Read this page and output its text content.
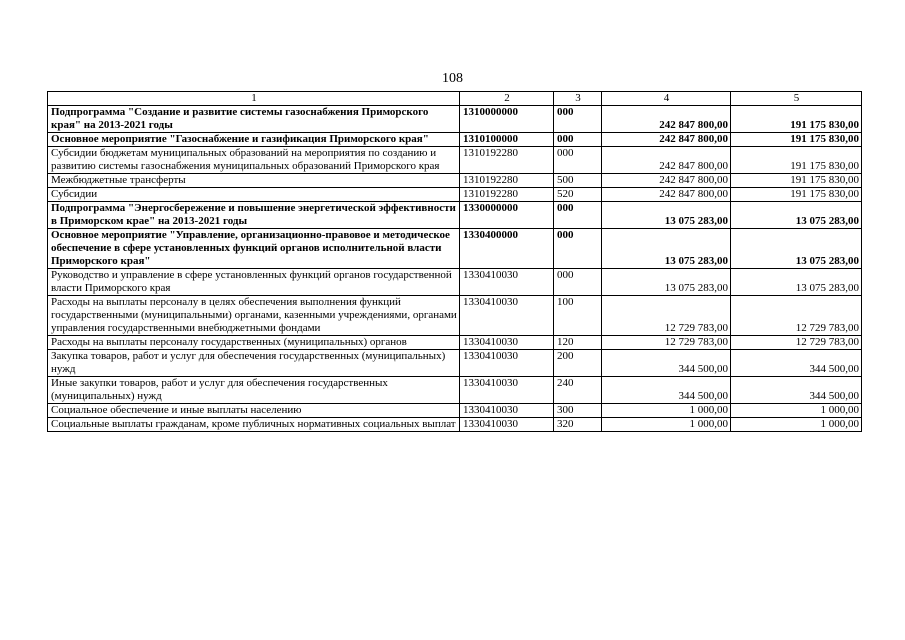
108
1	2	3	4	5
Подпрограмма "Создание и развитие системы газоснабжения Приморского края" на 2013-2021 годы	1310000000	000	242 847 800,00	191 175 830,00
Основное мероприятие "Газоснабжение и газификация Приморского края"	1310100000	000	242 847 800,00	191 175 830,00
Субсидии бюджетам муниципальных образований на мероприятия по созданию и развитию системы газоснабжения муниципальных образований Приморского края	1310192280	000	242 847 800,00	191 175 830,00
Межбюджетные трансферты	1310192280	500	242 847 800,00	191 175 830,00
Субсидии	1310192280	520	242 847 800,00	191 175 830,00
Подпрограмма "Энергосбережение и повышение энергетической эффективности в Приморском крае" на 2013-2021 годы	1330000000	000	13 075 283,00	13 075 283,00
Основное мероприятие "Управление, организационно-правовое и методическое обеспечение в сфере установленных функций органов исполнительной власти Приморского края"	1330400000	000	13 075 283,00	13 075 283,00
Руководство и управление в сфере установленных функций органов государственной власти Приморского края	1330410030	000	13 075 283,00	13 075 283,00
Расходы на выплаты персоналу в целях обеспечения выполнения функций государственными (муниципальными) органами, казенными учреждениями, органами управления государственными внебюджетными фондами	1330410030	100	12 729 783,00	12 729 783,00
Расходы на выплаты персоналу государственных (муниципальных) органов	1330410030	120	12 729 783,00	12 729 783,00
Закупка товаров, работ и услуг для обеспечения государственных (муниципальных) нужд	1330410030	200	344 500,00	344 500,00
Иные закупки товаров, работ и услуг для обеспечения государственных (муниципальных) нужд	1330410030	240	344 500,00	344 500,00
Социальное обеспечение и иные выплаты населению	1330410030	300	1 000,00	1 000,00
Социальные выплаты гражданам, кроме публичных нормативных социальных выплат	1330410030	320	1 000,00	1 000,00
